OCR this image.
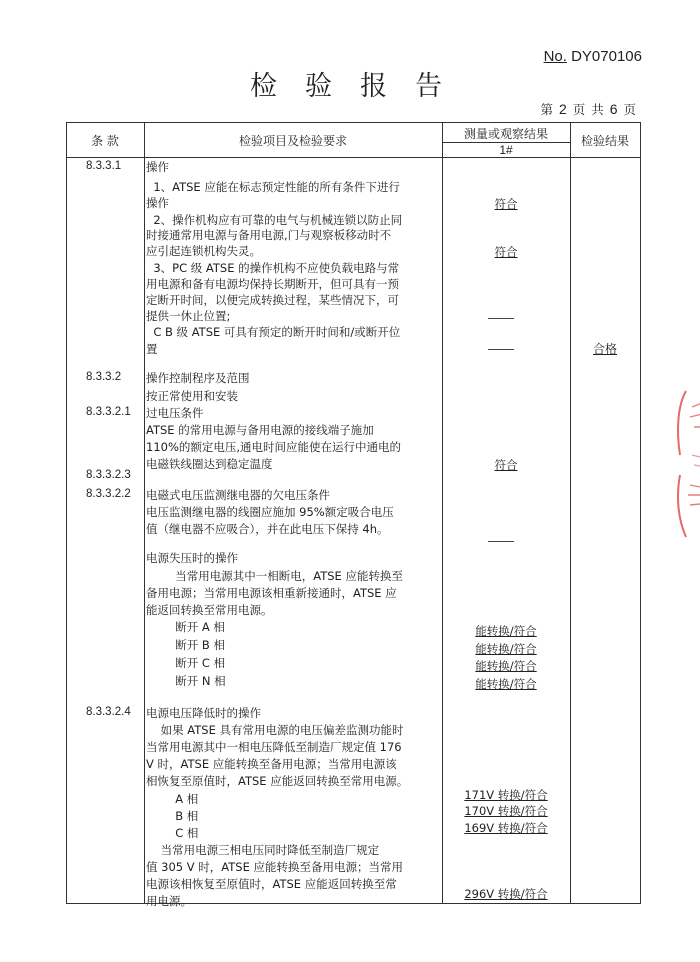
No. DY070106
检验报告
第 2 页 共 6 页
条 款	检验项目及检验要求	测量或观察结果
1#
检验结果
8.3.3.1
8.3.3.2
8.3.3.2.1
8.3.3.2.2
8.3.3.2.3
8.3.3.2.4
操作
1、ATSE 应能在标志预定性能的所有条件下进行
操作
2、操作机构应有可靠的电气与机械连锁以防止同
时接通常用电源与备用电源,门与观察板移动时不
应引起连锁机构失灵。
3、PC 级 ATSE 的操作机构不应使负载电路与常
用电源和备有电源均保持长期断开，但可具有一预
定断开时间，以便完成转换过程，某些情况下，可
提供一休止位置;
C B 级 ATSE 可具有预定的断开时间和/或断开位
置
操作控制程序及范围
按正常使用和安装
过电压条件
ATSE 的常用电源与备用电源的接线端子施加
110%的额定电压,通电时间应能使在运行中通电的
电磁铁线圈达到稳定温度
电磁式电压监测继电器的欠电压条件
电压监测继电器的线圈应施加 95%额定吸合电压
值（继电器不应吸合），并在此电压下保持 4h。
电源失压时的操作
当常用电源其中一相断电，ATSE 应能转换至
备用电源；当常用电源该相重新接通时，ATSE 应
能返回转换至常用电源。
断开 A 相
断开 B 相
断开 C 相
断开 N 相
电源电压降低时的操作
如果 ATSE 具有常用电源的电压偏差监测功能时
当常用电源其中一相电压降低至制造厂规定值 176
V 时，ATSE 应能转换至备用电源；当常用电源该
相恢复至原值时，ATSE 应能返回转换至常用电源。
A 相
B 相
C 相
当常用电源三相电压同时降低至制造厂规定
值 305 V 时，ATSE 应能转换至备用电源；当常用
电源该相恢复至原值时，ATSE 应能返回转换至常
用电源。
符合
符合
符合
能转换/符合
能转换/符合
能转换/符合
能转换/符合
171V 转换/符合
170V 转换/符合
169V 转换/符合
296V 转换/符合
合格
